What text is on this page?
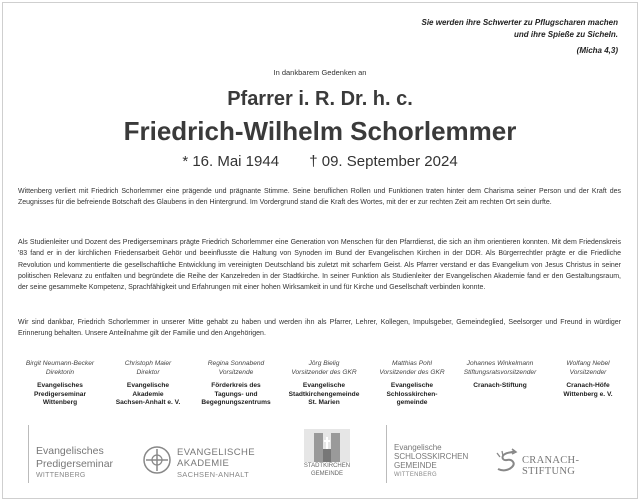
Sie werden ihre Schwerter zu Pflugscharen machen
und ihre Spieße zu Sicheln.
(Micha 4,3)
In dankbarem Gedenken an
Pfarrer i. R. Dr. h. c.
Friedrich-Wilhelm Schorlemmer
* 16. Mai 1944 † 09. September 2024

Wittenberg verliert mit Friedrich Schorlemmer eine prägende und prägnante Stimme. Seine beruflichen Rollen und Funktionen traten hinter dem Charisma seiner Person und der Kraft des Zeugnisses für die befreiende Botschaft des Glaubens in den Hintergrund. Im Vordergrund stand die Kraft des Wortes, mit der er zur rechten Zeit am rechten Ort sein durfte.

Als Studienleiter und Dozent des Predigerseminars prägte Friedrich Schorlemmer eine Generation von Menschen für den Pfarrdienst, die sich an ihm orientieren konnten. Mit dem Friedenskreis '83 fand er in der kirchlichen Friedensarbeit Gehör und beeinflusste die Haltung von Synoden im Bund der Evangelischen Kirchen in der DDR. Als Bürgerrechtler prägte er die Friedliche Revolution und kommentierte die gesellschaftliche Entwicklung im vereinigten Deutschland bis zuletzt mit scharfem Geist. Als Pfarrer verstand er das Evangelium von Jesus Christus in seiner politischen Relevanz zu entfalten und begründete die Reihe der Kanzelreden in der Stadtkirche. In seiner Funktion als Studienleiter der Evangelischen Akademie fand er den Gestaltungsraum, der seine gesammelte Kompetenz, Sprachfähigkeit und Erfahrungen mit einer hohen Wirksamkeit in und für Kirche und Gesellschaft verbinden konnte.

Wir sind dankbar, Friedrich Schorlemmer in unserer Mitte gehabt zu haben und werden ihn als Pfarrer, Lehrer, Kollegen, Impulsgeber, Gemeindeglied, Seelsorger und Freund in würdiger Erinnerung behalten. Unsere Anteilnahme gilt der Familie und den Angehörigen.

Birgit Neumann-Becker
Direktorin
Evangelisches
Predigerseminar
Wittenberg
Christoph Maier
Direktor
Evangelische
Akademie
Sachsen-Anhalt e. V.
Regina Sonnabend
Vorsitzende
Förderkreis des
Tagungs- und
Begegnungszentrums
Jörg Bielig
Vorsitzender des GKR
Evangelische
Stadtkirchengemeinde
St. Marien
Matthias Pohl
Vorsitzender des GKR
Evangelische
Schlosskirchen-
gemeinde
Johannes Winkelmann
Stiftungsratsvorsitzender
Cranach-Stiftung
Wolfang Nebel
Vorsitzender
Cranach-Höfe
Wittenberg e. V.
Evangelisches
Predigerseminar
WITTENBERG
EVANGELISCHE
AKADEMIE
SACHSEN-ANHALT
STADTKIRCHEN
GEMEINDE
Evangelische
SCHLOSSKIRCHEN
GEMEINDE
WITTENBERG
CRANACH-STIFTUNG
